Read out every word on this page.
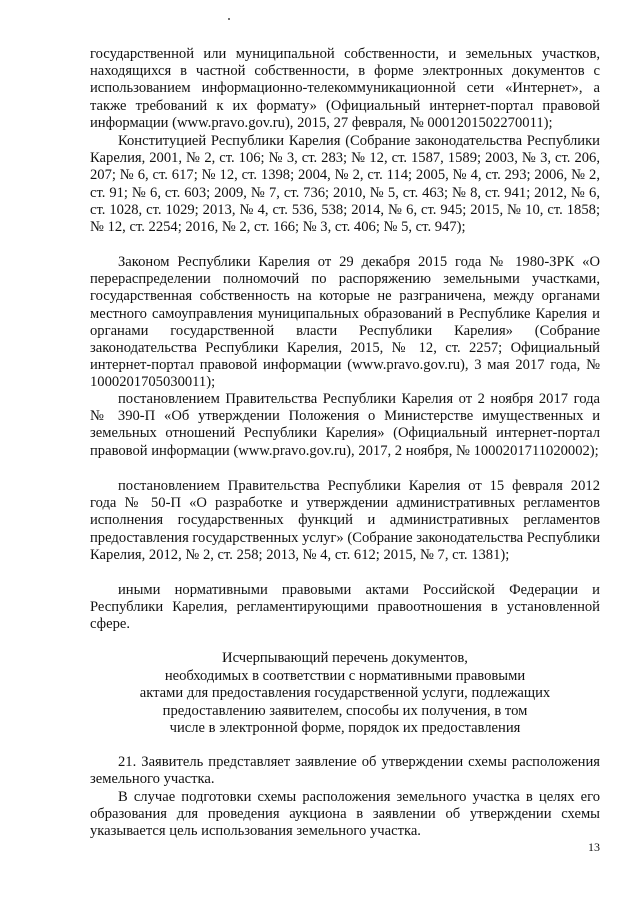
государственной или муниципальной собственности, и земельных участков, находящихся в частной собственности, в форме электронных документов с использованием информационно-телекоммуникационной сети «Интернет», а также требований к их формату» (Официальный интернет-портал правовой информации (www.pravo.gov.ru), 2015, 27 февраля, № 0001201502270011);

Конституцией Республики Карелия (Собрание законодательства Республики Карелия, 2001, № 2, ст. 106; № 3, ст. 283; № 12, ст. 1587, 1589; 2003, № 3, ст. 206, 207; № 6, ст. 617; № 12, ст. 1398; 2004, № 2, ст. 114; 2005, № 4, ст. 293; 2006, № 2, ст. 91; № 6, ст. 603; 2009, № 7, ст. 736; 2010, № 5, ст. 463; № 8, ст. 941; 2012, № 6, ст. 1028, ст. 1029; 2013, № 4, ст. 536, 538; 2014, № 6, ст. 945; 2015, № 10, ст. 1858; № 12, ст. 2254; 2016, № 2, ст. 166; № 3, ст. 406; № 5, ст. 947);

Законом Республики Карелия от 29 декабря 2015 года № 1980-ЗРК «О перераспределении полномочий по распоряжению земельными участками, государственная собственность на которые не разграничена, между органами местного самоуправления муниципальных образований в Республике Карелия и органами государственной власти Республики Карелия» (Собрание законодательства Республики Карелия, 2015, № 12, ст. 2257; Официальный интернет-портал правовой информации (www.pravo.gov.ru), 3 мая 2017 года, № 1000201705030011);

постановлением Правительства Республики Карелия от 2 ноября 2017 года № 390-П «Об утверждении Положения о Министерстве имущественных и земельных отношений Республики Карелия» (Официальный интернет-портал правовой информации (www.pravo.gov.ru), 2017, 2 ноября, № 1000201711020002);

постановлением Правительства Республики Карелия от 15 февраля 2012 года № 50-П «О разработке и утверждении административных регламентов исполнения государственных функций и административных регламентов предоставления государственных услуг» (Собрание законодательства Республики Карелия, 2012, № 2, ст. 258; 2013, № 4, ст. 612; 2015, № 7, ст. 1381);

иными нормативными правовыми актами Российской Федерации и Республики Карелия, регламентирующими правоотношения в установленной сфере.

Исчерпывающий перечень документов,
необходимых в соответствии с нормативными правовыми
актами для предоставления государственной услуги, подлежащих
предоставлению заявителем, способы их получения, в том
числе в электронной форме, порядок их предоставления

21. Заявитель представляет заявление об утверждении схемы расположения земельного участка.

В случае подготовки схемы расположения земельного участка в целях его образования для проведения аукциона в заявлении об утверждении схемы указывается цель использования земельного участка.

13
